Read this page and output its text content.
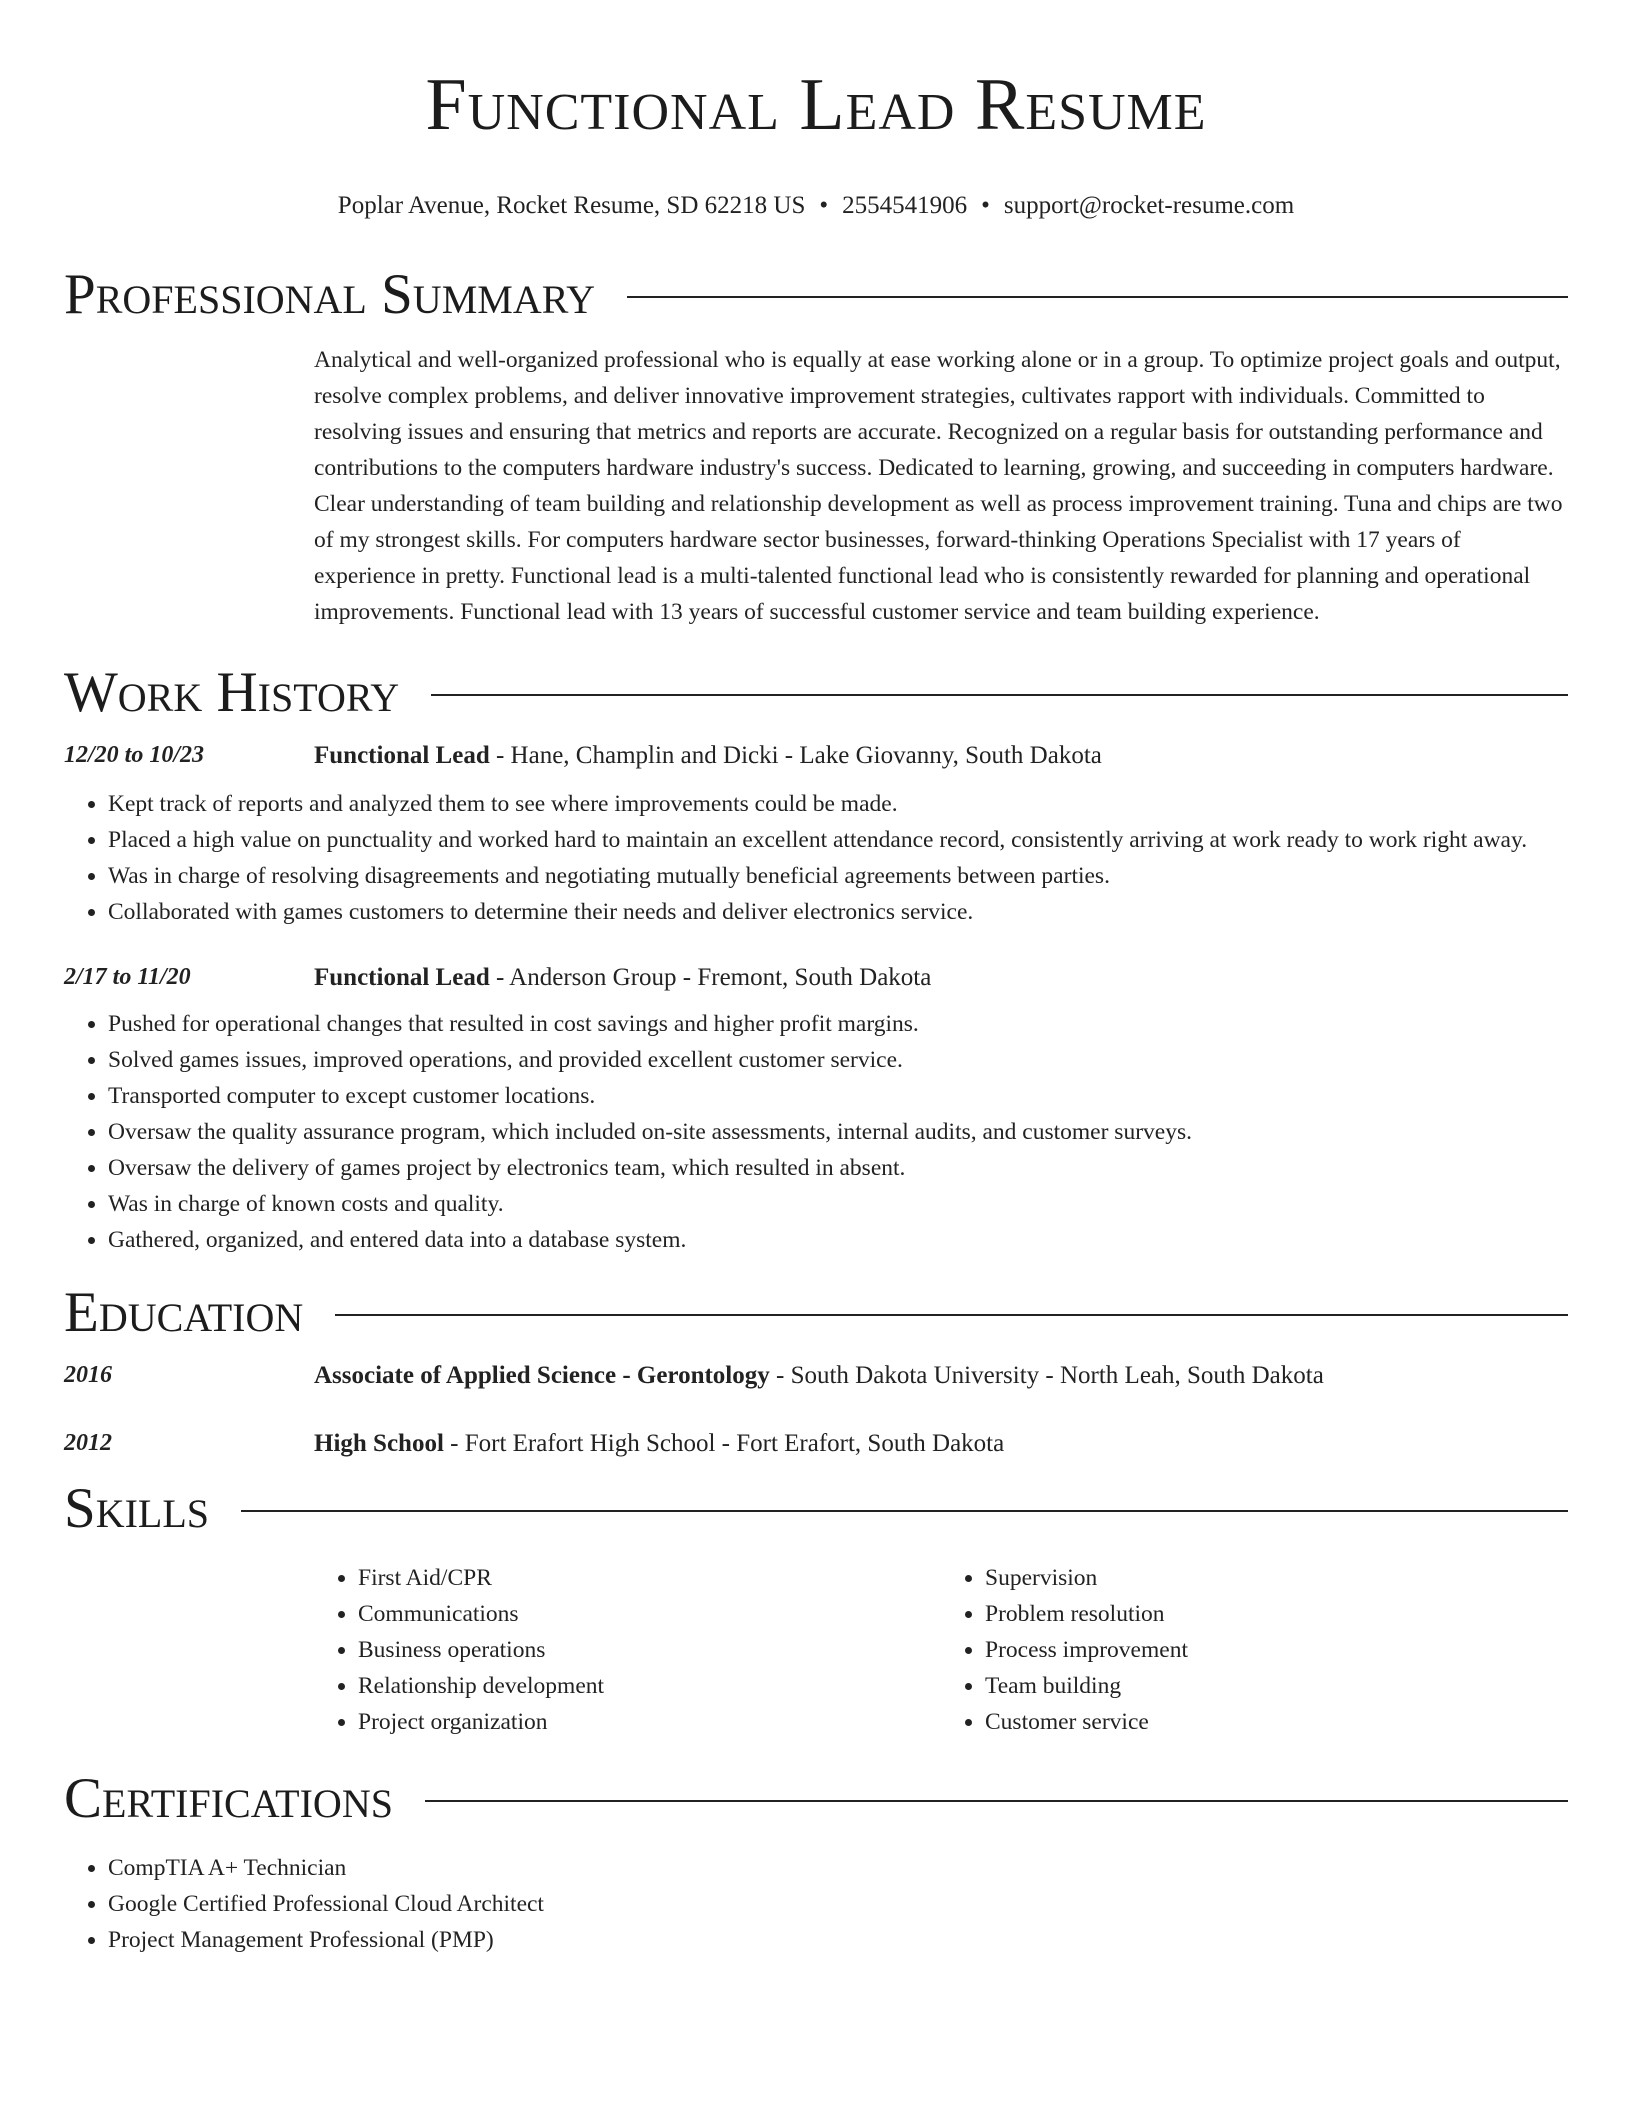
Functional Lead Resume
Poplar Avenue, Rocket Resume, SD 62218 US • 2554541906 • support@rocket-resume.com
Professional Summary

Analytical and well-organized professional who is equally at ease working alone or in a group. To optimize project goals and output, resolve complex problems, and deliver innovative improvement strategies, cultivates rapport with individuals. Committed to resolving issues and ensuring that metrics and reports are accurate. Recognized on a regular basis for outstanding performance and contributions to the computers hardware industry's success. Dedicated to learning, growing, and succeeding in computers hardware. Clear understanding of team building and relationship development as well as process improvement training. Tuna and chips are two of my strongest skills. For computers hardware sector businesses, forward-thinking Operations Specialist with 17 years of experience in pretty. Functional lead is a multi-talented functional lead who is consistently rewarded for planning and operational improvements. Functional lead with 13 years of successful customer service and team building experience.

Work History
12/20 to 10/23	Functional Lead - Hane, Champlin and Dicki - Lake Giovanny, South Dakota
• Kept track of reports and analyzed them to see where improvements could be made.
• Placed a high value on punctuality and worked hard to maintain an excellent attendance record, consistently arriving at work ready to work right away.
• Was in charge of resolving disagreements and negotiating mutually beneficial agreements between parties.
• Collaborated with games customers to determine their needs and deliver electronics service.
2/17 to 11/20	Functional Lead - Anderson Group - Fremont, South Dakota
• Pushed for operational changes that resulted in cost savings and higher profit margins.
• Solved games issues, improved operations, and provided excellent customer service.
• Transported computer to except customer locations.
• Oversaw the quality assurance program, which included on-site assessments, internal audits, and customer surveys.
• Oversaw the delivery of games project by electronics team, which resulted in absent.
• Was in charge of known costs and quality.
• Gathered, organized, and entered data into a database system.
Education
2016	Associate of Applied Science - Gerontology - South Dakota University - North Leah, South Dakota
2012	High School - Fort Erafort High School - Fort Erafort, South Dakota
Skills
• First Aid/CPR
• Communications
• Business operations
• Relationship development
• Project organization
• Supervision
• Problem resolution
• Process improvement
• Team building
• Customer service
Certifications
• CompTIA A+ Technician
• Google Certified Professional Cloud Architect
• Project Management Professional (PMP)
